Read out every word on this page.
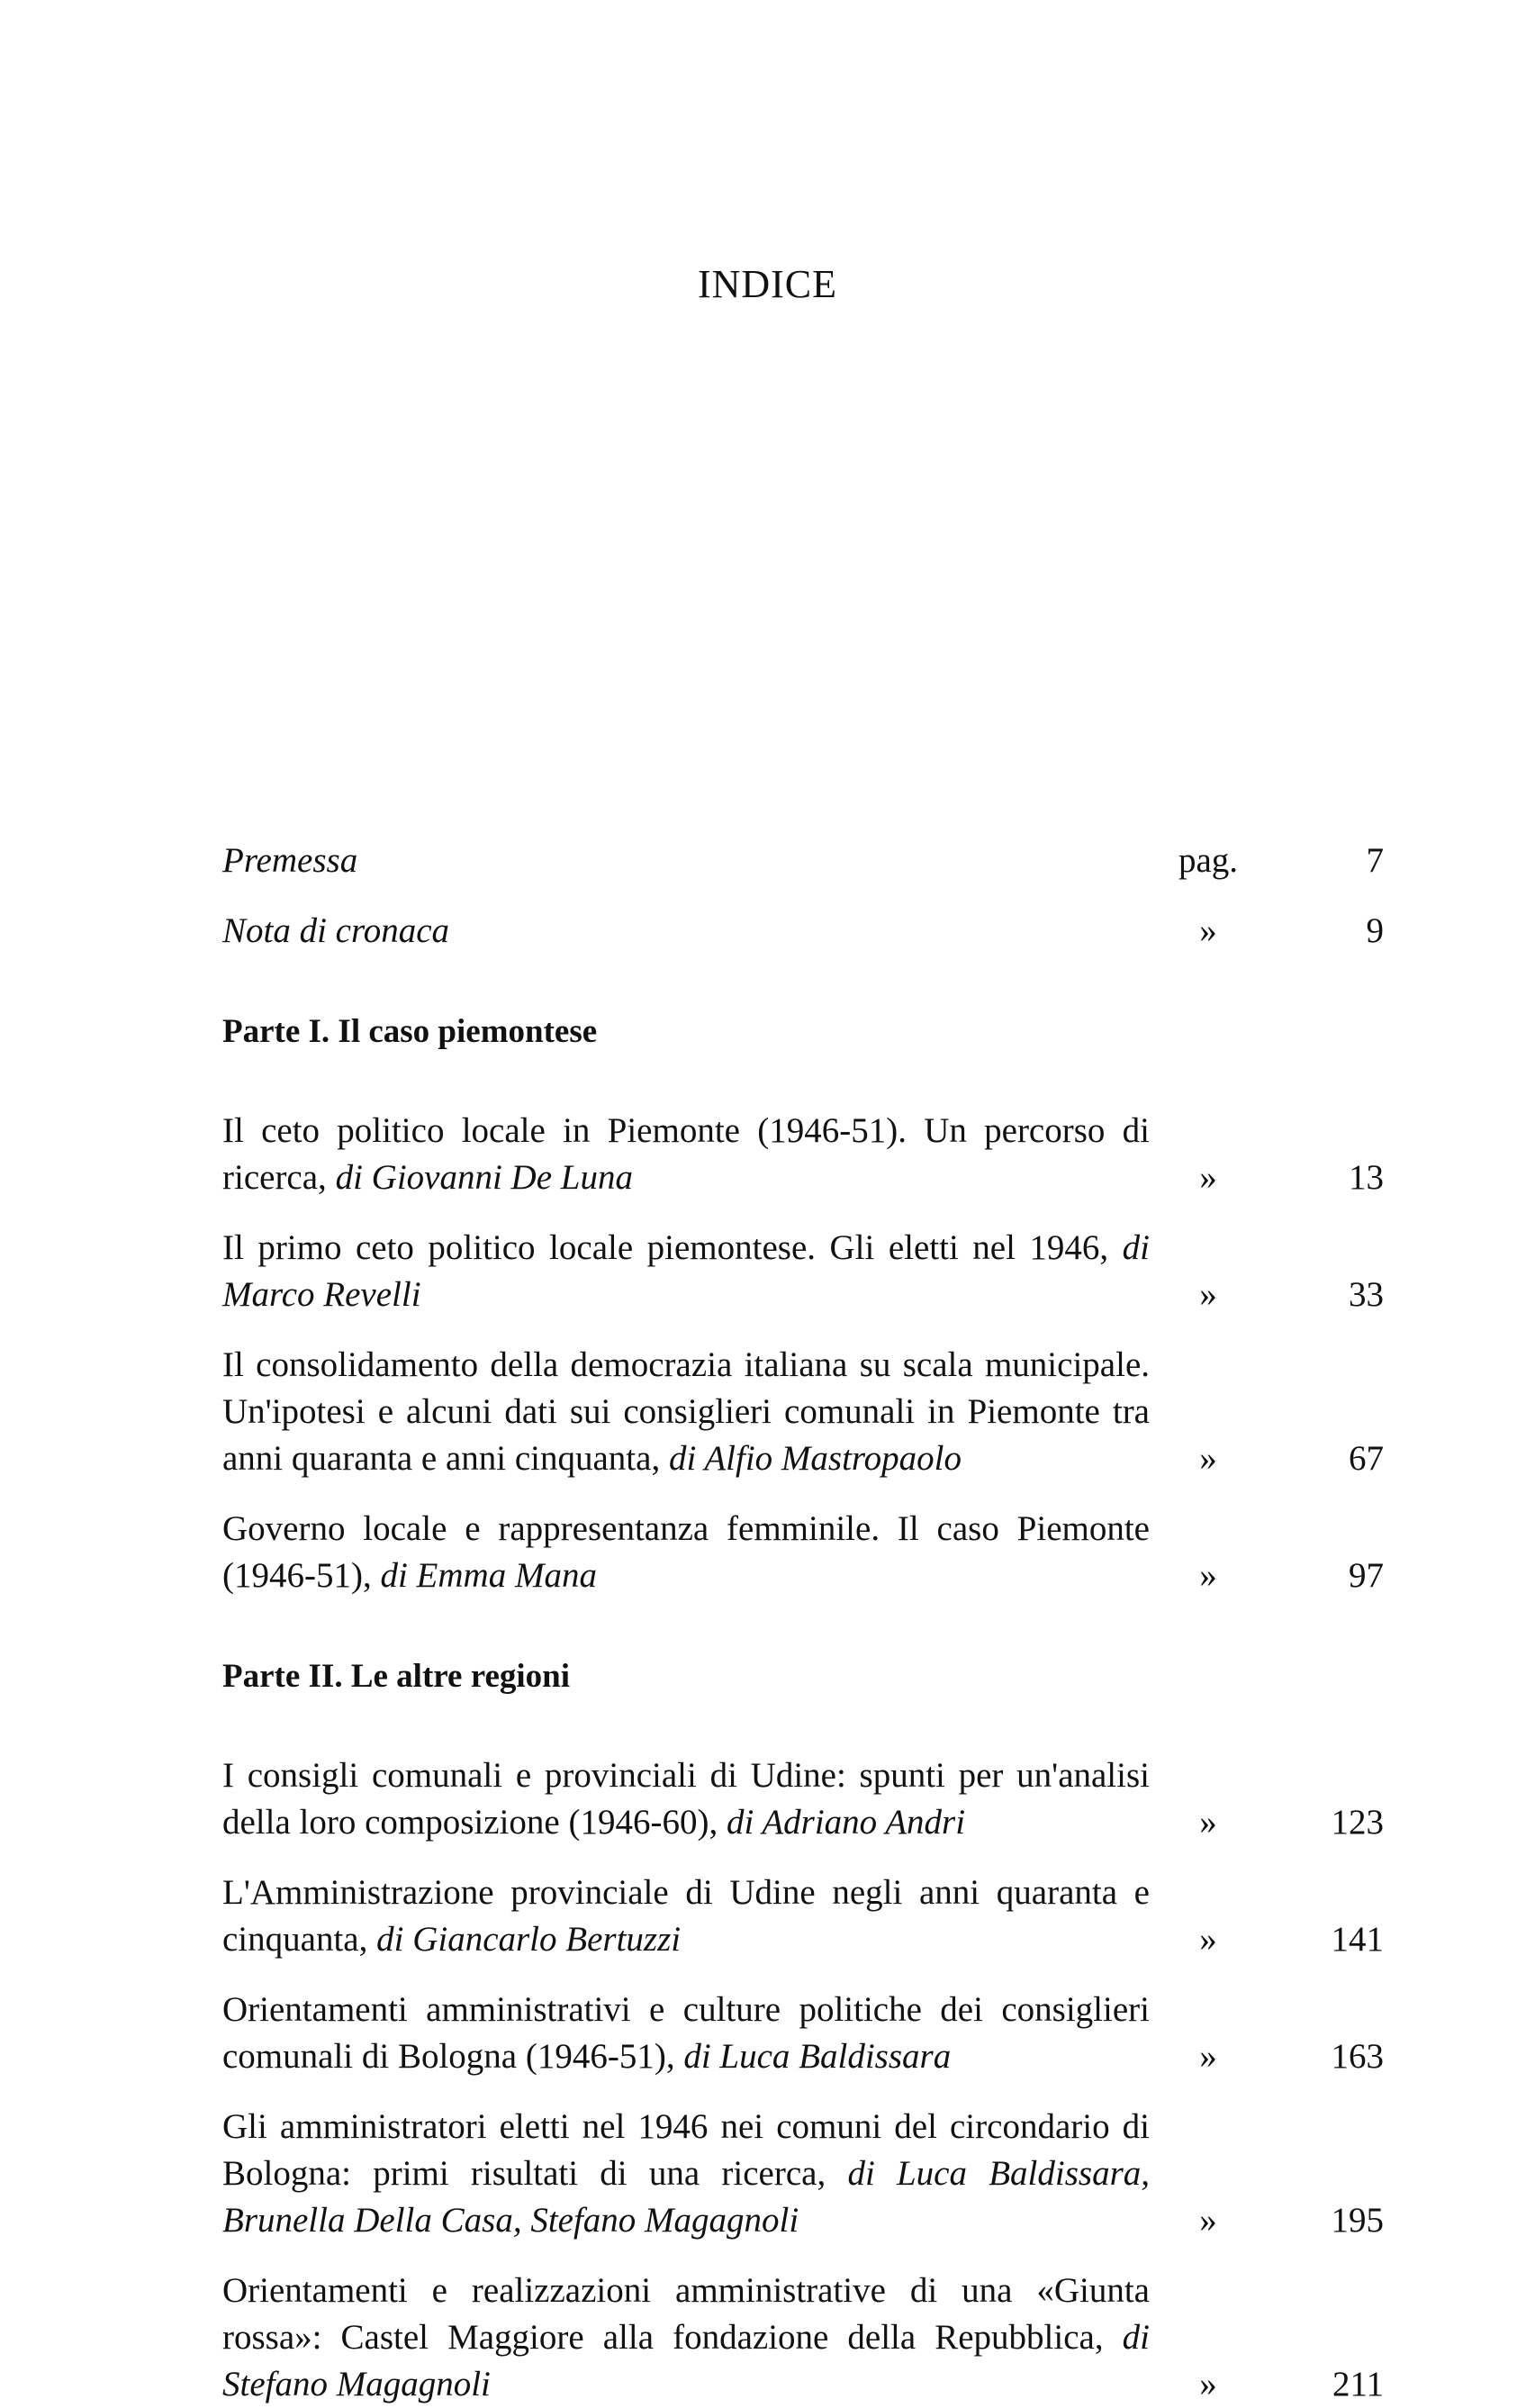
INDICE
Premessa	pag.	7
Nota di cronaca	»	9
Parte I. Il caso piemontese
Il ceto politico locale in Piemonte (1946-51). Un percorso di ricerca, di Giovanni De Luna	»	13
Il primo ceto politico locale piemontese. Gli eletti nel 1946, di Marco Revelli	»	33
Il consolidamento della democrazia italiana su scala municipale. Un'ipotesi e alcuni dati sui consiglieri comunali in Piemonte tra anni quaranta e anni cinquanta, di Alfio Mastropaolo	»	67
Governo locale e rappresentanza femminile. Il caso Piemonte (1946-51), di Emma Mana	»	97
Parte II. Le altre regioni
I consigli comunali e provinciali di Udine: spunti per un'analisi della loro composizione (1946-60), di Adriano Andri	»	123
L'Amministrazione provinciale di Udine negli anni quaranta e cinquanta, di Giancarlo Bertuzzi	»	141
Orientamenti amministrativi e culture politiche dei consiglieri comunali di Bologna (1946-51), di Luca Baldissara	»	163
Gli amministratori eletti nel 1946 nei comuni del circondario di Bologna: primi risultati di una ricerca, di Luca Baldissara, Brunella Della Casa, Stefano Magagnoli	»	195
Orientamenti e realizzazioni amministrative di una «Giunta rossa»: Castel Maggiore alla fondazione della Repubblica, di Stefano Magagnoli	»	211
